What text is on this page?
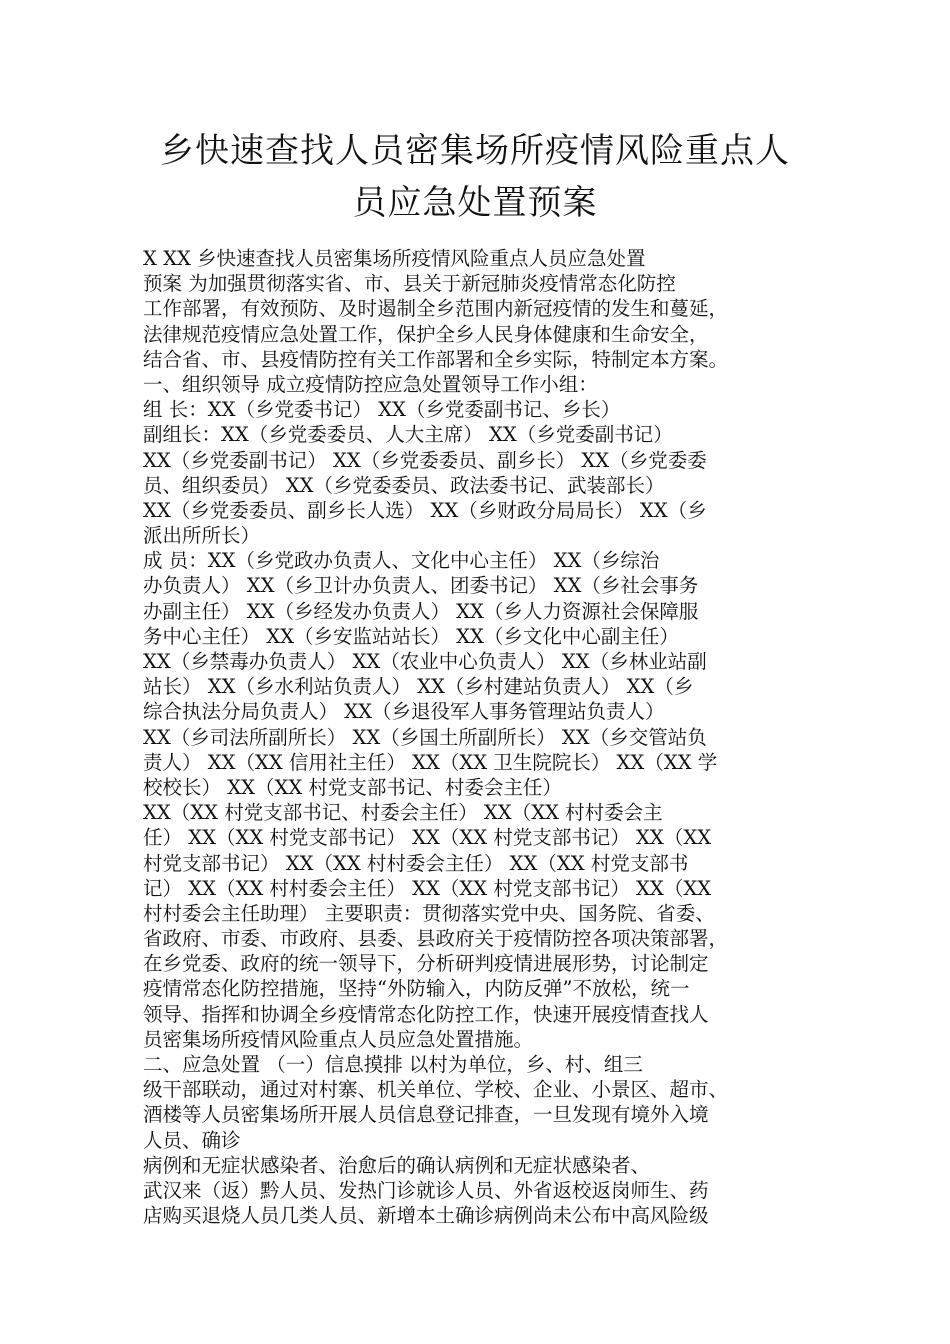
乡快速查找人员密集场所疫情风险重点人
员应急处置预案
X XX 乡快速查找人员密集场所疫情风险重点人员应急处置
预案 为加强贯彻落实省、市、县关于新冠肺炎疫情常态化防控
工作部署，有效预防、及时遏制全乡范围内新冠疫情的发生和蔓延，
法律规范疫情应急处置工作，保护全乡人民身体健康和生命安全，
结合省、市、县疫情防控有关工作部署和全乡实际，特制定本方案。
一、组织领导 成立疫情防控应急处置领导工作小组：
组 长：XX（乡党委书记） XX（乡党委副书记、乡长）
副组长：XX（乡党委委员、人大主席） XX（乡党委副书记）
XX（乡党委副书记） XX（乡党委委员、副乡长） XX（乡党委委
员、组织委员） XX（乡党委委员、政法委书记、武装部长）
XX（乡党委委员、副乡长人选） XX（乡财政分局局长） XX（乡
派出所所长）
成 员：XX（乡党政办负责人、文化中心主任） XX（乡综治
办负责人） XX（乡卫计办负责人、团委书记） XX（乡社会事务
办副主任） XX（乡经发办负责人） XX（乡人力资源社会保障服
务中心主任） XX（乡安监站站长） XX（乡文化中心副主任）
XX（乡禁毒办负责人） XX（农业中心负责人） XX（乡林业站副
站长） XX（乡水利站负责人） XX（乡村建站负责人） XX（乡
综合执法分局负责人） XX（乡退役军人事务管理站负责人）
XX（乡司法所副所长） XX（乡国土所副所长） XX（乡交管站负
责人） XX（XX 信用社主任） XX（XX 卫生院院长） XX（XX 学
校校长） XX（XX 村党支部书记、村委会主任）
XX（XX 村党支部书记、村委会主任） XX（XX 村村委会主
任） XX（XX 村党支部书记） XX（XX 村党支部书记） XX（XX
村党支部书记） XX（XX 村村委会主任） XX（XX 村党支部书
记） XX（XX 村村委会主任） XX（XX 村党支部书记） XX（XX
村村委会主任助理） 主要职责：贯彻落实党中央、国务院、省委、
省政府、市委、市政府、县委、县政府关于疫情防控各项决策部署，
在乡党委、政府的统一领导下，分析研判疫情进展形势，讨论制定
疫情常态化防控措施，坚持“外防输入，内防反弹”不放松，统一
领导、指挥和协调全乡疫情常态化防控工作，快速开展疫情查找人
员密集场所疫情风险重点人员应急处置措施。
二、应急处置 （一）信息摸排 以村为单位，乡、村、组三
级干部联动，通过对村寨、机关单位、学校、企业、小景区、超市、
酒楼等人员密集场所开展人员信息登记排查，一旦发现有境外入境
人员、确诊
病例和无症状感染者、治愈后的确认病例和无症状感染者、
武汉来（返）黔人员、发热门诊就诊人员、外省返校返岗师生、药
店购买退烧人员几类人员、新增本土确诊病例尚未公布中高风险级
